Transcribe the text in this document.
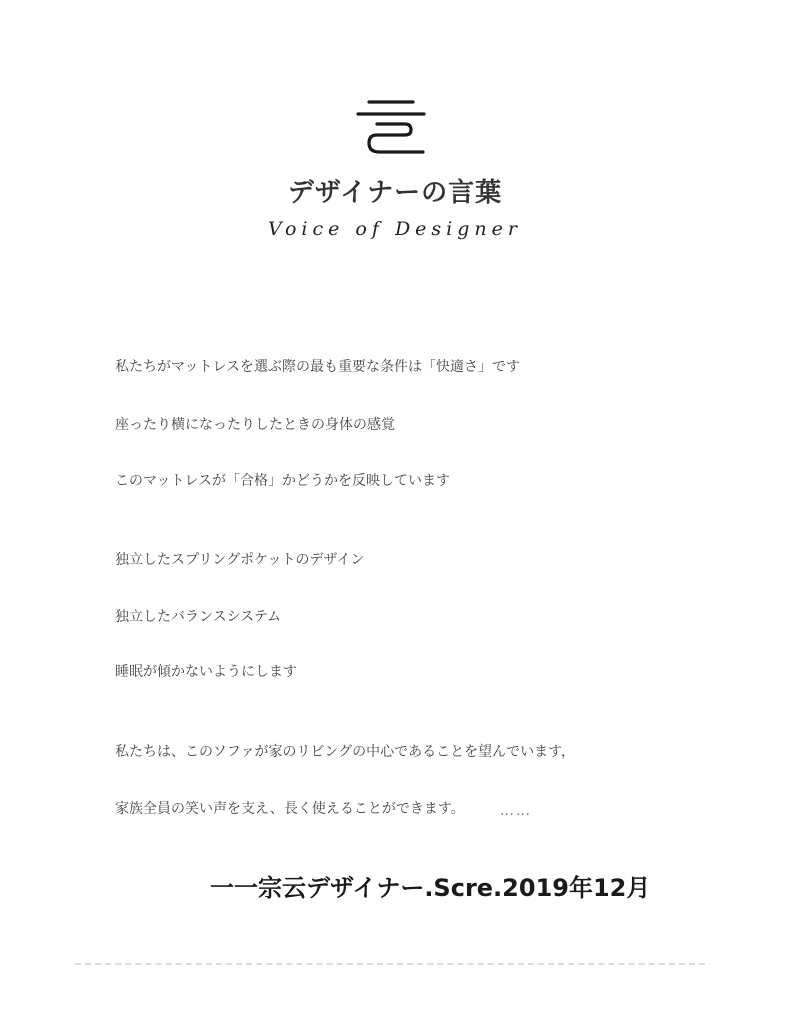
デザイナーの言葉
Voice of Designer
私たちがマットレスを選ぶ際の最も重要な条件は「快適さ」です
座ったり横になったりしたときの身体の感覚
このマットレスが「合格」かどうかを反映しています
独立したスプリングポケットのデザイン
独立したバランスシステム
睡眠が傾かないようにします
私たちは、このソファが家のリビングの中心であることを望んでいます，
家族全員の笑い声を支え、長く使えることができます。	……
一一宗云デザイナー.Scre.2019年12月
